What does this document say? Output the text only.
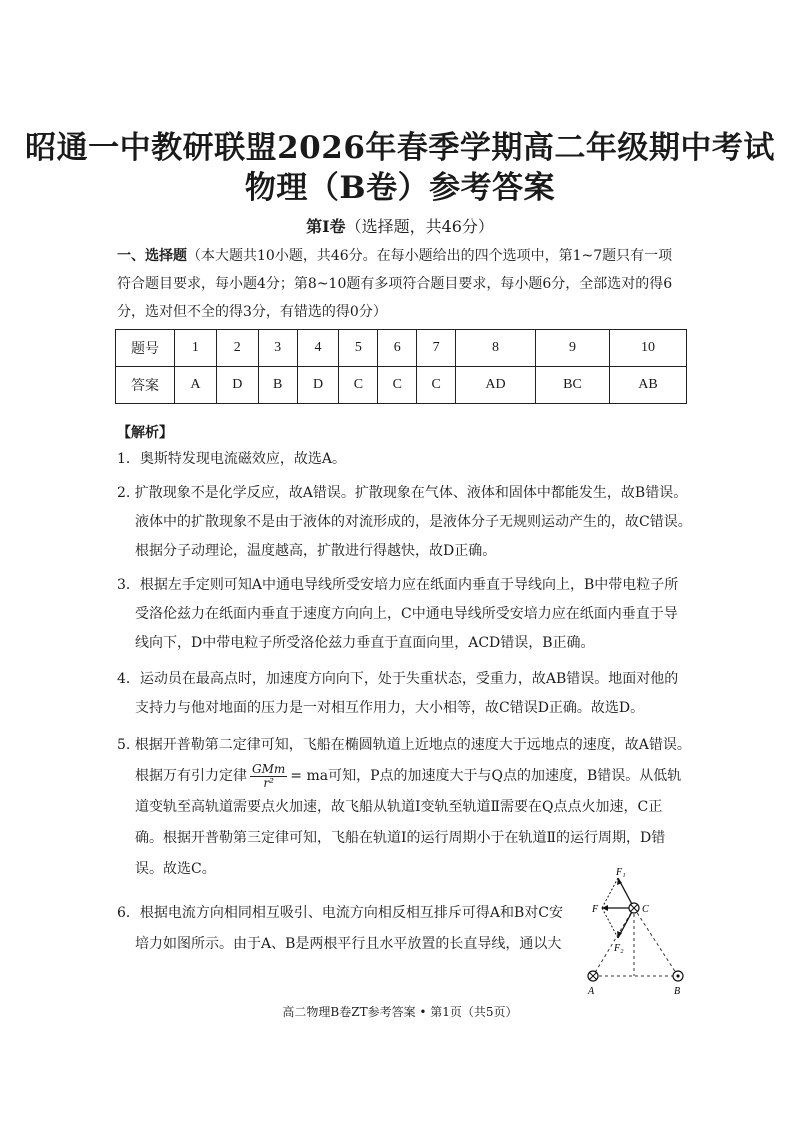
昭通一中教研联盟2026年春季学期高二年级期中考试
物理（B卷）参考答案
第Ⅰ卷（选择题，共46分）
一、选择题（本大题共10小题，共46分。在每小题给出的四个选项中，第1~7题只有一项
符合题目要求，每小题4分；第8~10题有多项符合题目要求，每小题6分，全部选对的得6
分，选对但不全的得3分，有错选的得0分）
题号	1	2	3	4	5	6	7	8	9	10
答案	A	D	B	D	C	C	C	AD	BC	AB
【解析】
1．奥斯特发现电流磁效应，故选A。
2. 扩散现象不是化学反应，故A错误。扩散现象在气体、液体和固体中都能发生，故B错误。
液体中的扩散现象不是由于液体的对流形成的，是液体分子无规则运动产生的，故C错误。
根据分子动理论，温度越高，扩散进行得越快，故D正确。
3．根据左手定则可知A中通电导线所受安培力应在纸面内垂直于导线向上，B中带电粒子所
受洛伦兹力在纸面内垂直于速度方向向上，C中通电导线所受安培力应在纸面内垂直于导
线向下，D中带电粒子所受洛伦兹力垂直于直面向里，ACD错误，B正确。
4．运动员在最高点时，加速度方向向下，处于失重状态，受重力，故AB错误。地面对他的
支持力与他对地面的压力是一对相互作用力，大小相等，故C错误D正确。故选D。
5. 根据开普勒第二定律可知，飞船在椭圆轨道上近地点的速度大于远地点的速度，故A错误。
根据万有引力定律 $\frac{\text{GMm}}{\text{r²}}$ = ma可知，P点的加速度大于与Q点的加速度，B错误。从低轨
道变轨至高轨道需要点火加速，故飞船从轨道Ⅰ变轨至轨道Ⅱ需要在Q点点火加速，C正
确。根据开普勒第三定律可知，飞船在轨道Ⅰ的运行周期小于在轨道Ⅱ的运行周期，D错
误。故选C。
6．根据电流方向相同相互吸引、电流方向相反相互排斥可得A和B对C安
培力如图所示。由于A、B是两根平行且水平放置的长直导线，通以大
F₁
F	C
F₂
A	B
高二物理B卷ZT参考答案 • 第1页（共5页）
